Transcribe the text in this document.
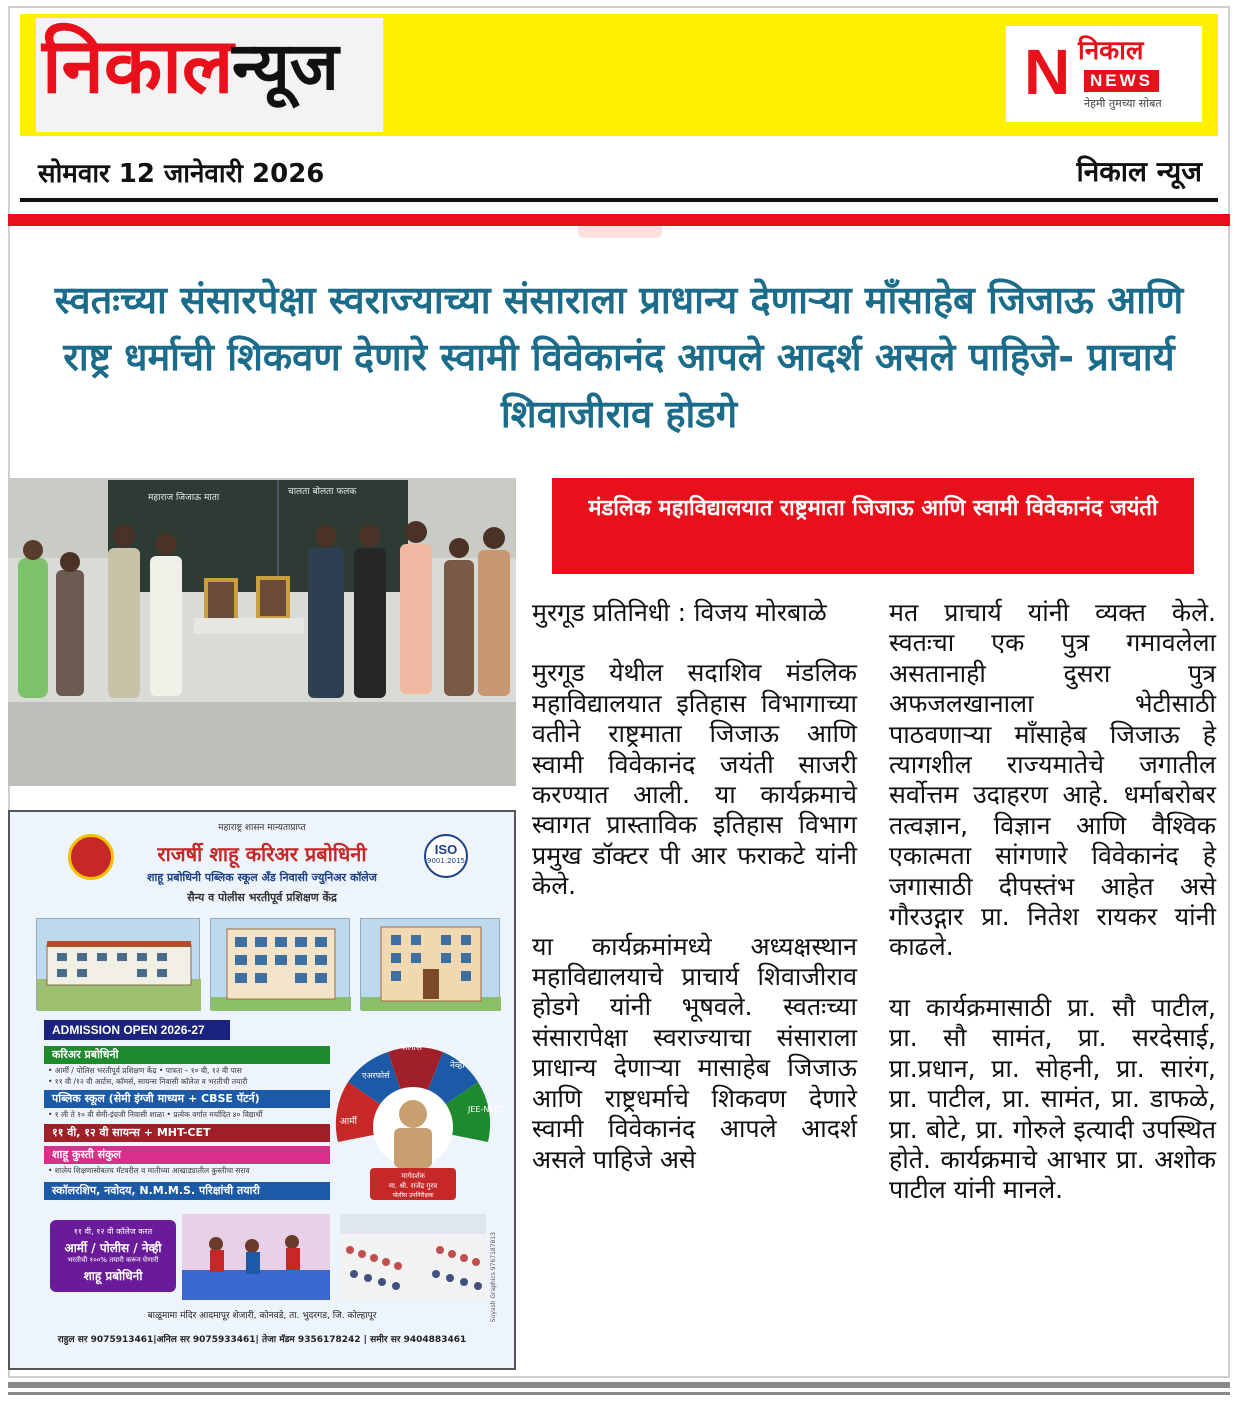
निकाल
न्यूज	N निकाल
NEWS
नेहमी तुमच्या सोबत
सोमवार 12 जानेवारी 2026	निकाल न्यूज
स्वतःच्या संसारपेक्षा स्वराज्याच्या संसाराला प्राधान्य देणाऱ्या माँसाहेब जिजाऊ आणि राष्ट्र धर्माची शिकवण देणारे स्वामी विवेकानंद आपले आदर्श असले पाहिजे- प्राचार्य शिवाजीराव होडगे
महाराज जिजाऊ माता
चालता बोलता फलक
महाराष्ट्र शासन मान्यताप्राप्त
ISO
9001:2015
राजर्षी शाहू करिअर प्रबोधिनी
शाहू प्रबोधिनी पब्लिक स्कूल अँड निवासी ज्युनिअर कॉलेज
सैन्य व पोलीस भरतीपूर्व प्रशिक्षण केंद्र
ADMISSION OPEN 2026-27
करिअर प्रबोधिनी
• आर्मी / पोलिस भरतीपूर्व प्रशिक्षण केंद्र • पात्रता – १० वी, १२ वी पास
• ११ वी /१२ वी आर्टस, कॉमर्स, सायन्स निवासी कॉलेज व भरतीची तयारी
पब्लिक स्कूल (सेमी इंग्जी माध्यम + CBSE पॅटर्न)
• १ ली ते १० वी सेमी-इंग्रजी निवासी शाळा • प्रत्येक वर्गात मर्यादित ४० विद्यार्थी
११ वी, १२ वी सायन्स + MHT-CET
शाहू कुस्ती संकुल
• शालेय शिक्षणासोबतच मॅटवरील व मातीच्या आखाड्यातील कुस्तीचा सराव
स्कॉलरशिप, नवोदय, N.M.M.S. परिक्षांची तयारी
पोलीस
नेव्ही
JEE-NEET
आर्मी
एअरफोर्स
मार्गदर्शक
मा. श्री. राजेंद्र गुरव
पोलीस उपनिरीक्षक
११ वी, १२ वी कॉलेज करत
आर्मी / पोलीस / नेव्ही
भरतीची १००% तयारी करून घेणारी
शाहू प्रबोधिनी	Suyash Graphics 9767187813
बाळूमामा मंदिर आदमापूर शेजारी, कोनवडे, ता. भुदरगड, जि. कोल्हापूर
राहुल सर 9075913461|अनिल सर 9075933461| तेजा मॅडम 9356178242 | समीर सर 9404883461
मंडलिक महाविद्यालयात राष्ट्रमाता जिजाऊ आणि स्वामी विवेकानंद जयंती

मुरगूड प्रतिनिधी : विजय मोरबाळे

मुरगूड येथील सदाशिव मंडलिक महाविद्यालयात इतिहास विभागाच्या वतीने राष्ट्रमाता जिजाऊ आणि स्वामी विवेकानंद जयंती साजरी करण्यात आली. या कार्यक्रमाचे स्वागत प्रास्ताविक इतिहास विभाग प्रमुख डॉक्टर पी आर फराकटे यांनी केले.

या कार्यक्रमांमध्ये अध्यक्षस्थान महाविद्यालयाचे प्राचार्य शिवाजीराव होडगे यांनी भूषवले. स्वतःच्या संसारापेक्षा स्वराज्याचा संसाराला प्राधान्य देणाऱ्या मासाहेब जिजाऊ आणि राष्ट्रधर्माचे शिकवण देणारे स्वामी विवेकानंद आपले आदर्श असले पाहिजे असे

मत प्राचार्य यांनी व्यक्त केले. स्वतःचा एक पुत्र गमावलेला असतानाही दुसरा पुत्र अफजलखानाला भेटीसाठी पाठवणाऱ्या माँसाहेब जिजाऊ हे त्यागशील राज्यमातेचे जगातील सर्वोत्तम उदाहरण आहे. धर्माबरोबर तत्वज्ञान, विज्ञान आणि वैश्विक एकात्मता सांगणारे विवेकानंद हे जगासाठी दीपस्तंभ आहेत असे गौरउद्गार प्रा. नितेश रायकर यांनी काढले.

या कार्यक्रमासाठी प्रा. सौ पाटील, प्रा. सौ सामंत, प्रा. सरदेसाई, प्रा.प्रधान, प्रा. सोहनी, प्रा. सारंग, प्रा. पाटील, प्रा. सामंत, प्रा. डाफळे, प्रा. बोटे, प्रा. गोरुले इत्यादी उपस्थित होते. कार्यक्रमाचे आभार प्रा. अशोक पाटील यांनी मानले.
